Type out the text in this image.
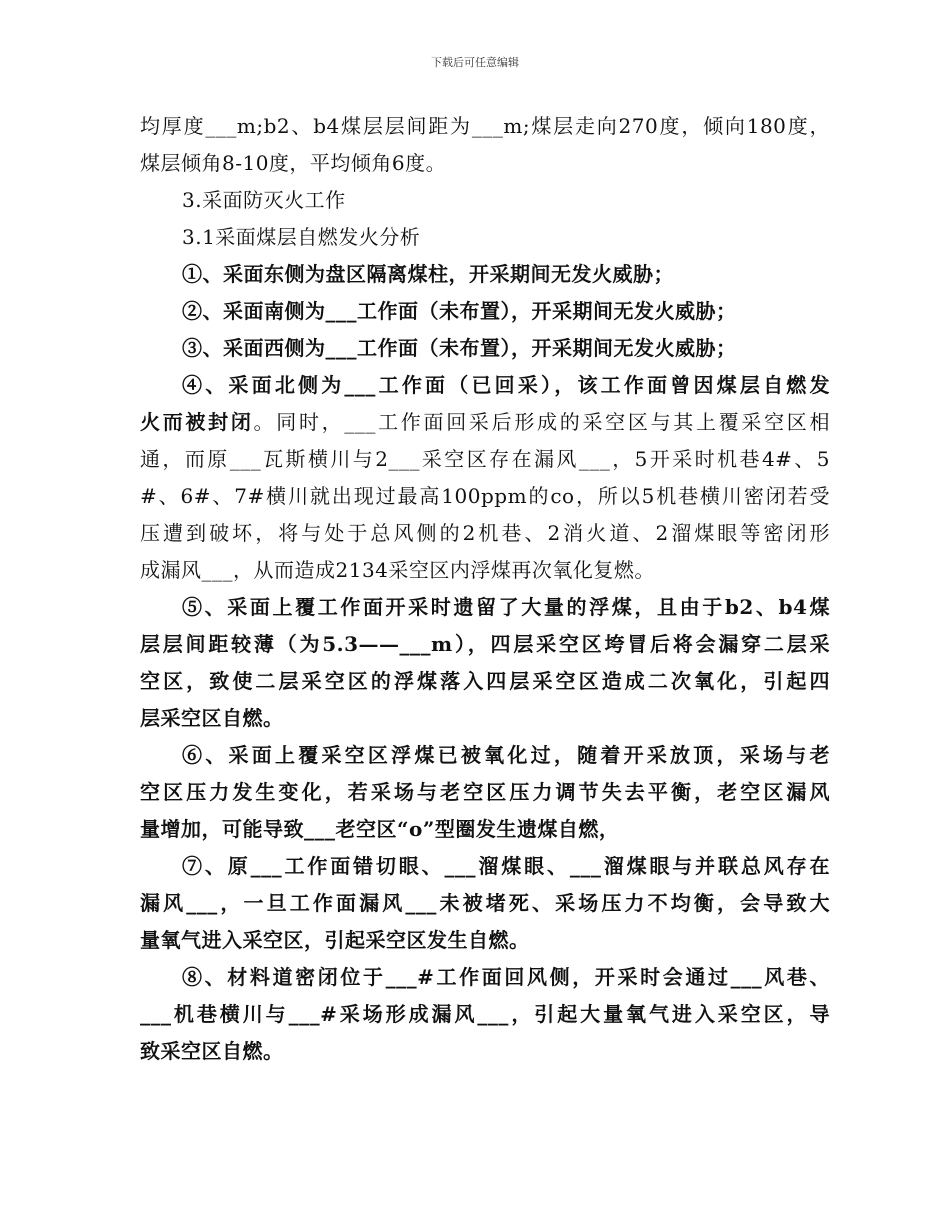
下载后可任意编辑

均厚度___m;b2、b4煤层层间距为___m;煤层走向270度，倾向180度，

煤层倾角8-10度，平均倾角6度。

3.采面防灭火工作

3.1采面煤层自燃发火分析

①、采面东侧为盘区隔离煤柱，开采期间无发火威胁；

②、采面南侧为___工作面（未布置），开采期间无发火威胁；

③、采面西侧为___工作面（未布置），开采期间无发火威胁；

④、采面北侧为___工作面（已回采），该工作面曾因煤层自燃发

火而被封闭。同时，___工作面回采后形成的采空区与其上覆采空区相

通，而原___瓦斯横川与2___采空区存在漏风___，5开采时机巷4#、5

#、6#、7#横川就出现过最高100ppm的co，所以5机巷横川密闭若受

压遭到破坏，将与处于总风侧的2机巷、2消火道、2溜煤眼等密闭形

成漏风___，从而造成2134采空区内浮煤再次氧化复燃。

⑤、采面上覆工作面开采时遗留了大量的浮煤，且由于b2、b4煤

层层间距较薄（为5.3——___m），四层采空区垮冒后将会漏穿二层采

空区，致使二层采空区的浮煤落入四层采空区造成二次氧化，引起四

层采空区自燃。

⑥、采面上覆采空区浮煤已被氧化过，随着开采放顶，采场与老

空区压力发生变化，若采场与老空区压力调节失去平衡，老空区漏风

量增加，可能导致___老空区“o”型圈发生遗煤自燃，

⑦、原___工作面错切眼、___溜煤眼、___溜煤眼与并联总风存在

漏风___，一旦工作面漏风___未被堵死、采场压力不均衡，会导致大

量氧气进入采空区，引起采空区发生自燃。

⑧、材料道密闭位于___#工作面回风侧，开采时会通过___风巷、

___机巷横川与___#采场形成漏风___，引起大量氧气进入采空区，导

致采空区自燃。
